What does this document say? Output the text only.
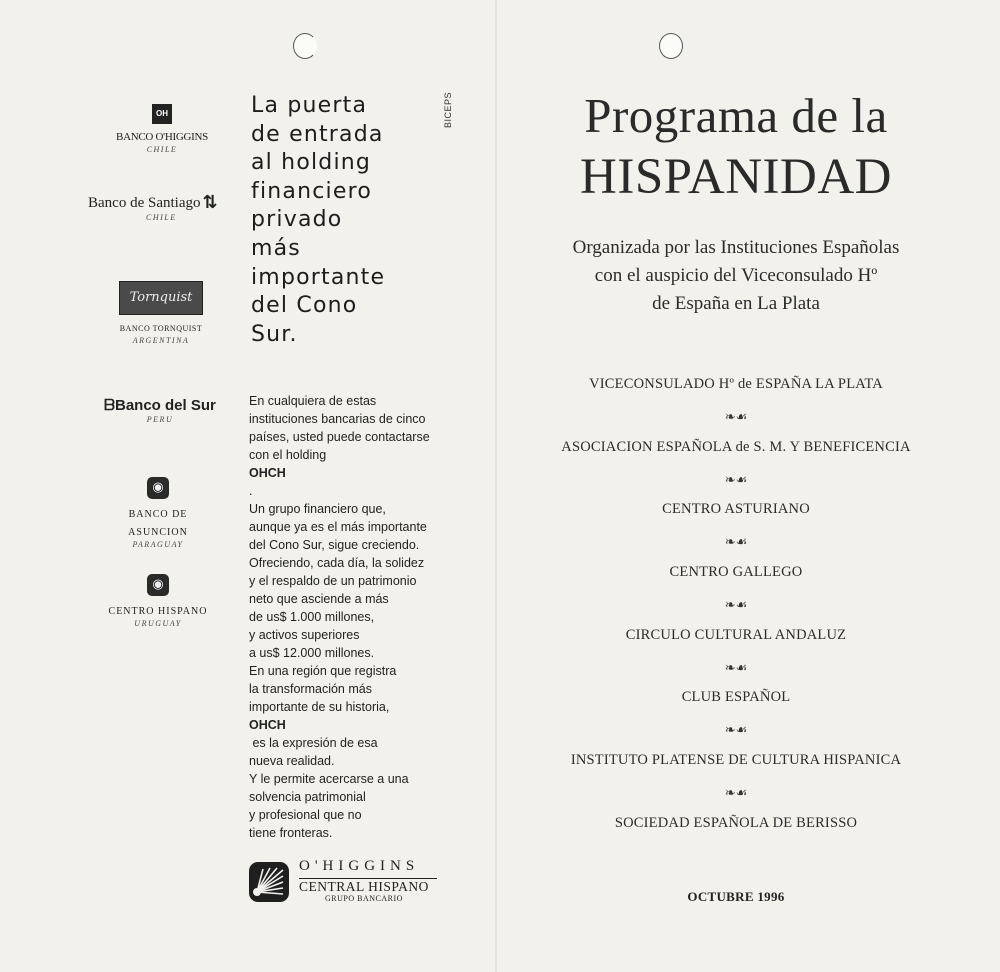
BICEPS
OH
BANCO O'HIGGINS
CHILE
Banco de Santiago ⇅
CHILE
Tornquist
BANCO TORNQUIST
ARGENTINA
ᗷBanco del Sur
PERU
◉
BANCO DE ASUNCION
PARAGUAY
◉
CENTRO HISPANO
URUGUAY
La puerta
de entrada
al holding
financiero
privado
más
importante
del Cono
Sur.
En cualquiera de estas
instituciones bancarias de cinco
países, usted puede contactarse
con el holding
OHCH
.
Un grupo financiero que,
aunque ya es el más importante
del Cono Sur, sigue creciendo.
Ofreciendo, cada día, la solidez
y el respaldo de un patrimonio
neto que asciende a más
de us$ 1.000 millones,
y activos superiores
a us$ 12.000 millones.
En una región que registra
la transformación más
importante de su historia,
OHCH
es la expresión de esa
nueva realidad.
Y le permite acercarse a una
solvencia patrimonial
y profesional que no
tiene fronteras.
O'HIGGINS
CENTRAL HISPANO
GRUPO BANCARIO
Programa de la
HISPANIDAD
Organizada por las Instituciones Españolas
con el auspicio del Viceconsulado Hº
de España en La Plata
VICECONSULADO Hº de ESPAÑA LA PLATA
❧☙
ASOCIACION ESPAÑOLA de S. M. Y BENEFICENCIA
❧☙
CENTRO ASTURIANO
❧☙
CENTRO GALLEGO
❧☙
CIRCULO CULTURAL ANDALUZ
❧☙
CLUB ESPAÑOL
❧☙
INSTITUTO PLATENSE DE CULTURA HISPANICA
❧☙
SOCIEDAD ESPAÑOLA DE BERISSO
OCTUBRE 1996
